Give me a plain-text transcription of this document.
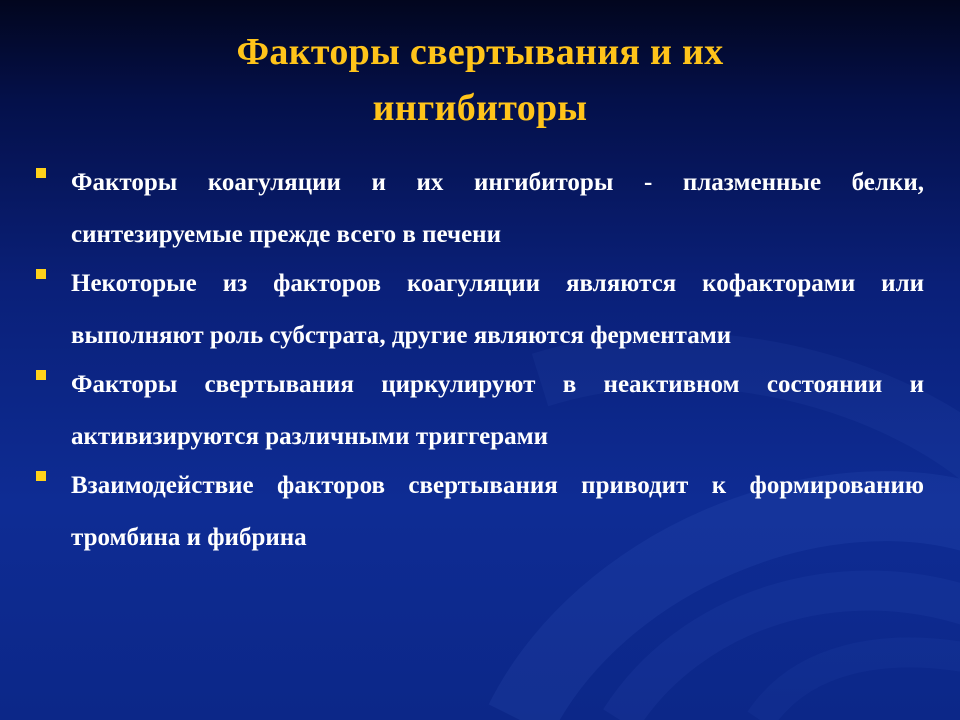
Факторы свертывания и их
ингибиторы
Факторы коагуляции и их ингибиторы - плазменные белки, синтезируемые прежде всего в печени
Некоторые из факторов коагуляции являются кофакторами или выполняют роль субстрата, другие являются ферментами
Факторы свертывания циркулируют в неактивном состоянии и активизируются различными триггерами
Взаимодействие факторов свертывания приводит к формированию тромбина и фибрина
